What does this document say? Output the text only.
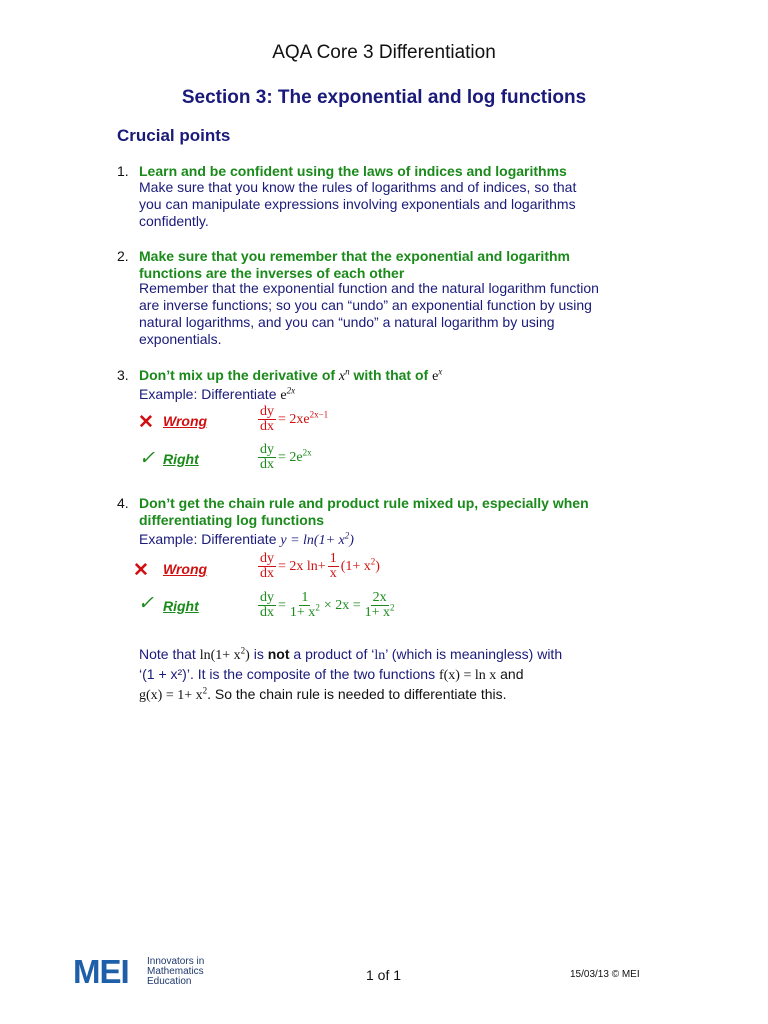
AQA Core 3 Differentiation
Section 3: The exponential and log functions
Crucial points
1. Learn and be confident using the laws of indices and logarithms
Make sure that you know the rules of logarithms and of indices, so that
you can manipulate expressions involving exponentials and logarithms
confidently.
2. Make sure that you remember that the exponential and logarithm
functions are the inverses of each other
Remember that the exponential function and the natural logarithm function
are inverse functions; so you can “undo” an exponential function by using
natural logarithms, and you can “undo” a natural logarithm by using
exponentials.
3. Don’t mix up the derivative of $x^n$ with that of $e^x$
Example: Differentiate $e^{2x}$
✕ Wrong	$\frac{dy}{dx} = 2xe^{2x-1}$
✓ Right	$\frac{dy}{dx} = 2e^{2x}$
4. Don’t get the chain rule and product rule mixed up, especially when
differentiating log functions
Example: Differentiate $y = \ln(1+ x^2)$
✕ Wrong	$\frac{dy}{dx} = 2x$ $\ln+ \frac{1}{x} (1+ x^2)$
✓ Right	$\frac{dy}{dx} = \frac{1}{1+ x^2} \times 2x = \frac{2x}{1+ x^2}$
Note that $\ln(1+ x^2)$ is not a product of ‘ln’ (which is meaningless) with
‘(1 + x²)’. It is the composite of the two functions f(x) = ln x and
$g(x) = 1+ x^2$. So the chain rule is needed to differentiate this.
MEI	Innovators in
Mathematics
Education	1 of 1	15/03/13 © MEI
